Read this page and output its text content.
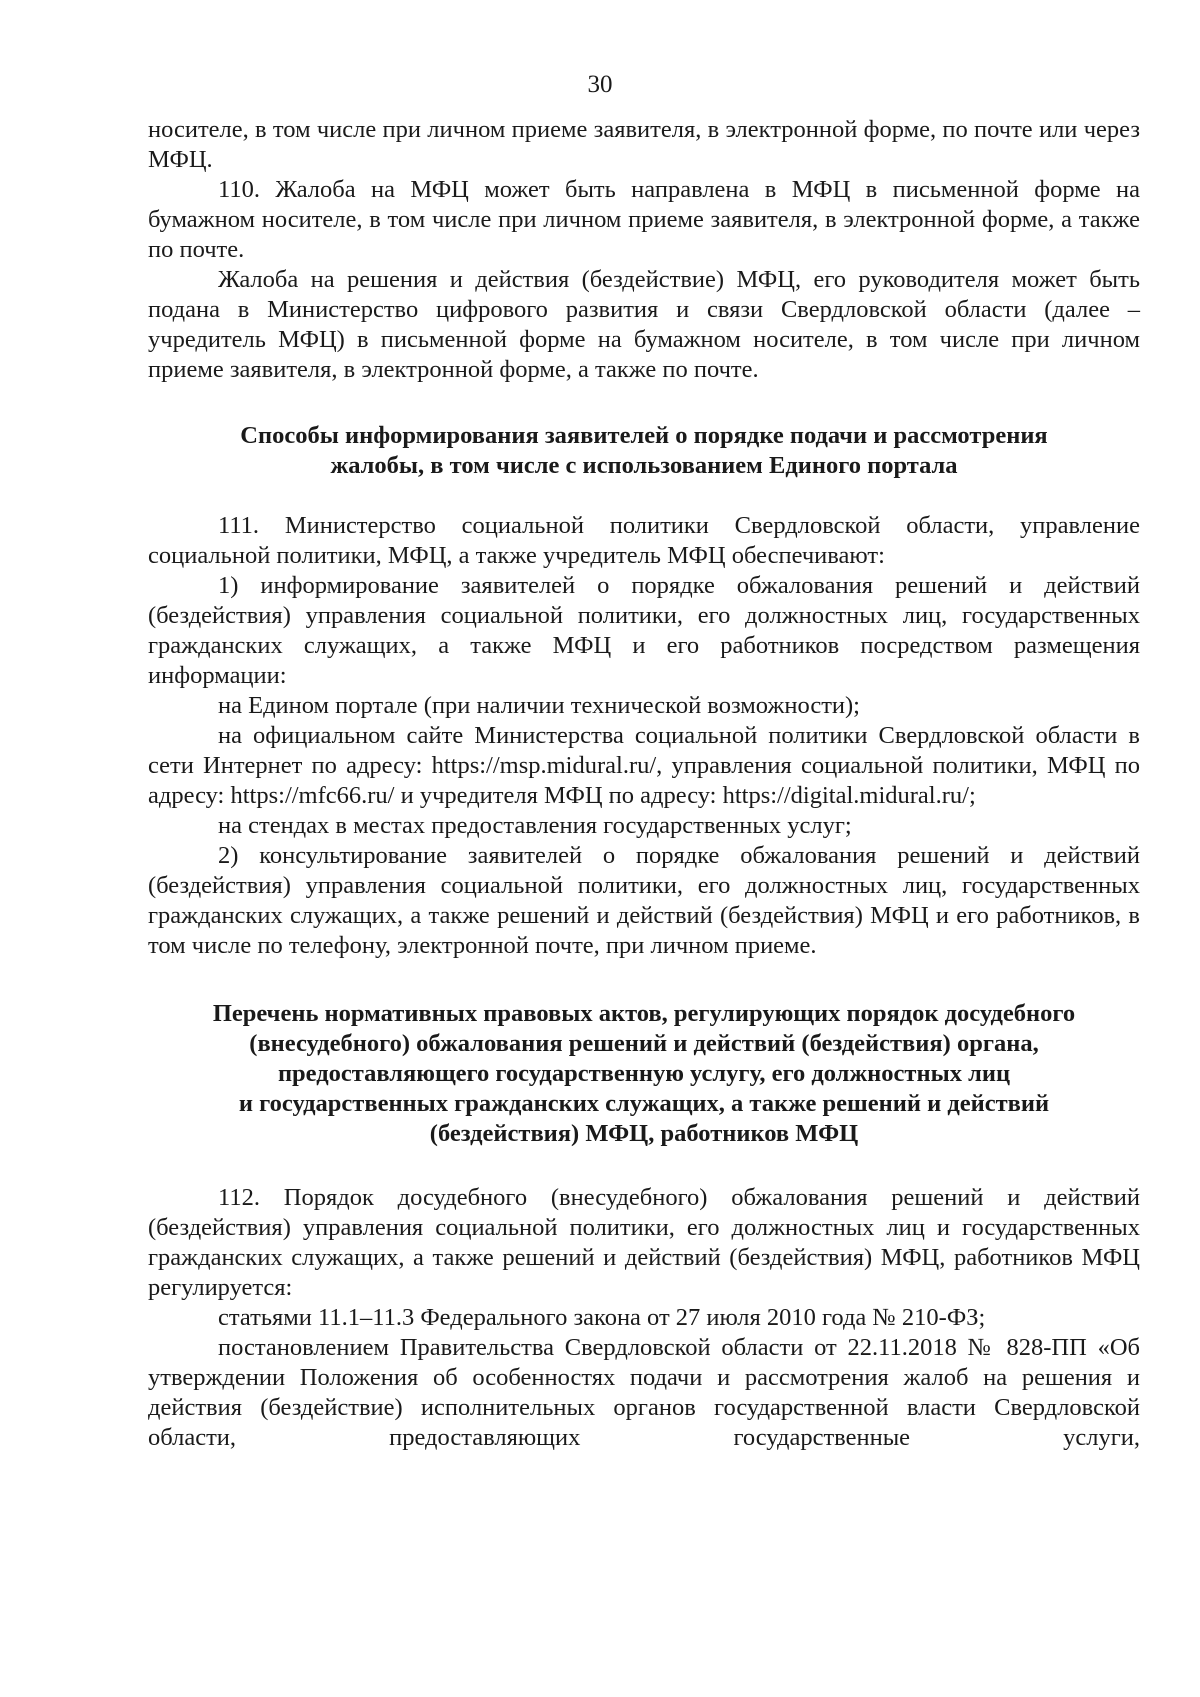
30

носителе, в том числе при личном приеме заявителя, в электронной форме, по почте или через МФЦ.

110. Жалоба на МФЦ может быть направлена в МФЦ в письменной форме на бумажном носителе, в том числе при личном приеме заявителя, в электронной форме, а также по почте.

Жалоба на решения и действия (бездействие) МФЦ, его руководителя может быть подана в Министерство цифрового развития и связи Свердловской области (далее – учредитель МФЦ) в письменной форме на бумажном носителе, в том числе при личном приеме заявителя, в электронной форме, а также по почте.

Способы информирования заявителей о порядке подачи и рассмотрения
жалобы, в том числе с использованием Единого портала

111. Министерство социальной политики Свердловской области, управление социальной политики, МФЦ, а также учредитель МФЦ обеспечивают:

1) информирование заявителей о порядке обжалования решений и действий (бездействия) управления социальной политики, его должностных лиц, государственных гражданских служащих, а также МФЦ и его работников посредством размещения информации:

на Едином портале (при наличии технической возможности);

на официальном сайте Министерства социальной политики Свердловской области в сети Интернет по адресу: https://msp.midural.ru/, управления социальной политики, МФЦ по адресу: https://mfc66.ru/ и учредителя МФЦ по адресу: https://digital.midural.ru/;

на стендах в местах предоставления государственных услуг;

2) консультирование заявителей о порядке обжалования решений и действий (бездействия) управления социальной политики, его должностных лиц, государственных гражданских служащих, а также решений и действий (бездействия) МФЦ и его работников, в том числе по телефону, электронной почте, при личном приеме.

Перечень нормативных правовых актов, регулирующих порядок досудебного
(внесудебного) обжалования решений и действий (бездействия) органа,
предоставляющего государственную услугу, его должностных лиц
и государственных гражданских служащих, а также решений и действий
(бездействия) МФЦ, работников МФЦ

112. Порядок досудебного (внесудебного) обжалования решений и действий (бездействия) управления социальной политики, его должностных лиц и государственных гражданских служащих, а также решений и действий (бездействия) МФЦ, работников МФЦ регулируется:

статьями 11.1–11.3 Федерального закона от 27 июля 2010 года № 210-ФЗ;

постановлением Правительства Свердловской области от 22.11.2018 № 828-ПП «Об утверждении Положения об особенностях подачи и рассмотрения жалоб на решения и действия (бездействие) исполнительных органов государственной власти Свердловской области, предоставляющих государственные услуги,
